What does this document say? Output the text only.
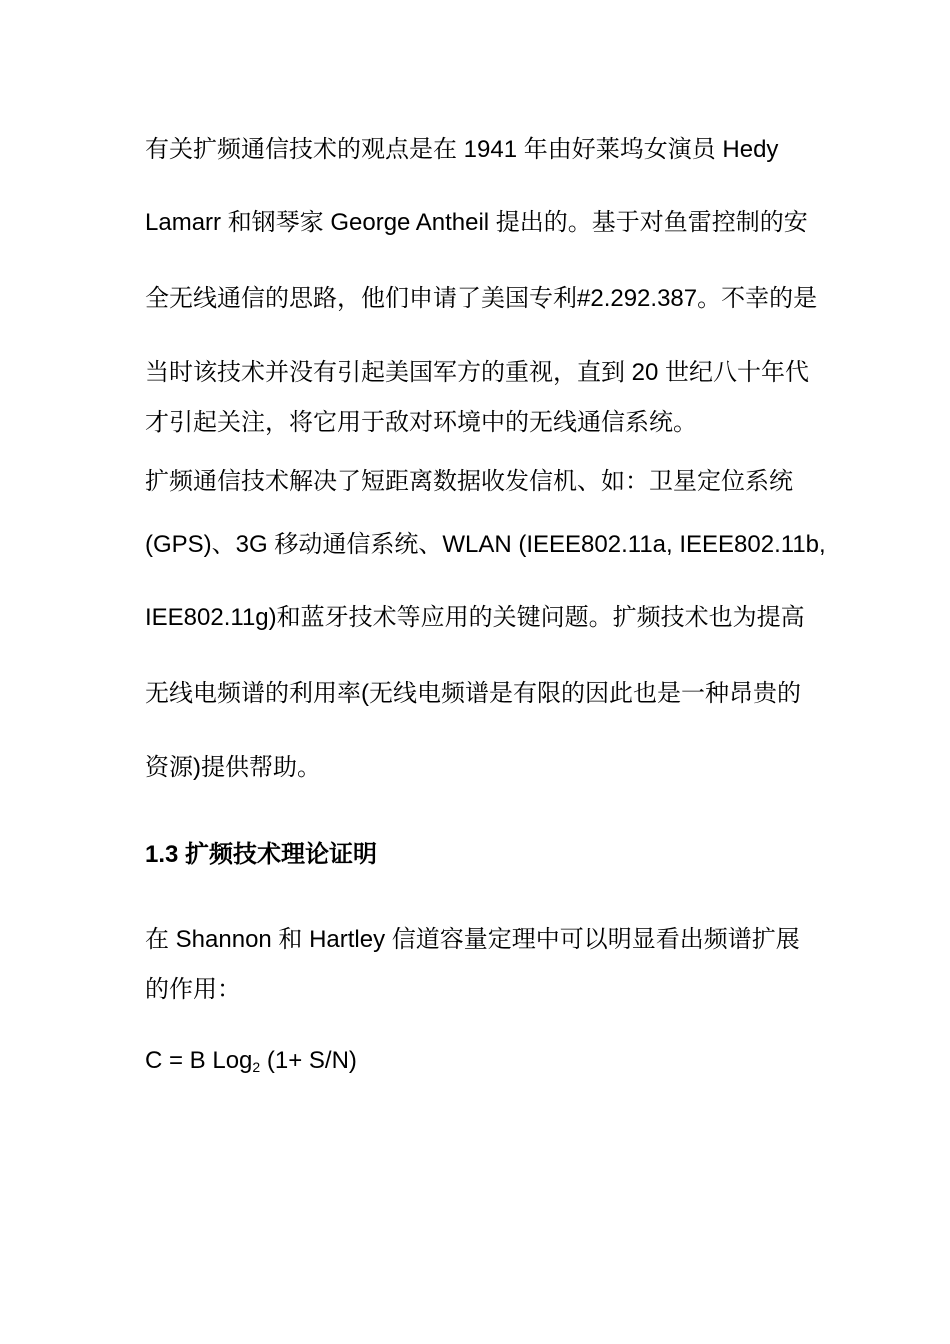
有关扩频通信技术的观点是在 1941 年由好莱坞女演员 Hedy
Lamarr 和钢琴家 George Antheil 提出的。基于对鱼雷控制的安
全无线通信的思路，他们申请了美国专利#2.292.387。不幸的是
当时该技术并没有引起美国军方的重视，直到 20 世纪八十年代
才引起关注，将它用于敌对环境中的无线通信系统。
扩频通信技术解决了短距离数据收发信机、如：卫星定位系统
(GPS)、3G 移动通信系统、WLAN (IEEE802.11a, IEEE802.11b,
IEE802.11g)和蓝牙技术等应用的关键问题。扩频技术也为提高
无线电频谱的利用率(无线电频谱是有限的因此也是一种昂贵的
资源)提供帮助。
1.3 扩频技术理论证明
在 Shannon 和 Hartley 信道容量定理中可以明显看出频谱扩展
的作用：
C = B Log$_2$ (1+ S/N)
